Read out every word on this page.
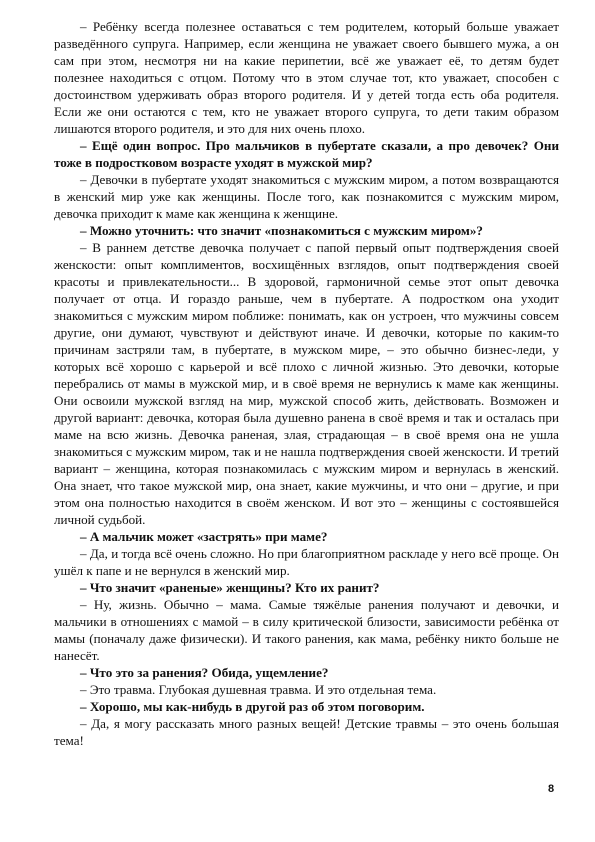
– Ребёнку всегда полезнее оставаться с тем родителем, который больше уважает разведённого супруга. Например, если женщина не уважает своего бывшего мужа, а он сам при этом, несмотря ни на какие перипетии, всё же уважает её, то детям будет полезнее находиться с отцом. Потому что в этом случае тот, кто уважает, способен с достоинством удерживать образ второго родителя. И у детей тогда есть оба родителя. Если же они остаются с тем, кто не уважает второго супруга, то дети таким образом лишаются второго родителя, и это для них очень плохо.

– Ещё один вопрос. Про мальчиков в пубертате сказали, а про девочек? Они тоже в подростковом возрасте уходят в мужской мир?

– Девочки в пубертате уходят знакомиться с мужским миром, а потом возвращаются в женский мир уже как женщины. После того, как познакомится с мужским миром, девочка приходит к маме как женщина к женщине.

– Можно уточнить: что значит «познакомиться с мужским миром»?

– В раннем детстве девочка получает с папой первый опыт подтверждения своей женскости: опыт комплиментов, восхищённых взглядов, опыт подтверждения своей красоты и привлекательности... В здоровой, гармоничной семье этот опыт девочка получает от отца. И гораздо раньше, чем в пубертате. А подростком она уходит знакомиться с мужским миром поближе: понимать, как он устроен, что мужчины совсем другие, они думают, чувствуют и действуют иначе. И девочки, которые по каким-то причинам застряли там, в пубертате, в мужском мире, – это обычно бизнес-леди, у которых всё хорошо с карьерой и всё плохо с личной жизнью. Это девочки, которые перебрались от мамы в мужской мир, и в своё время не вернулись к маме как женщины. Они освоили мужской взгляд на мир, мужской способ жить, действовать. Возможен и другой вариант: девочка, которая была душевно ранена в своё время и так и осталась при маме на всю жизнь. Девочка раненая, злая, страдающая – в своё время она не ушла знакомиться с мужским миром, так и не нашла подтверждения своей женскости. И третий вариант – женщина, которая познакомилась с мужским миром и вернулась в женский. Она знает, что такое мужской мир, она знает, какие мужчины, и что они – другие, и при этом она полностью находится в своём женском. И вот это – женщины с состоявшейся личной судьбой.

– А мальчик может «застрять» при маме?

– Да, и тогда всё очень сложно. Но при благоприятном раскладе у него всё проще. Он ушёл к папе и не вернулся в женский мир.

– Что значит «раненые» женщины? Кто их ранит?

– Ну, жизнь. Обычно – мама. Самые тяжёлые ранения получают и девочки, и мальчики в отношениях с мамой – в силу критической близости, зависимости ребёнка от мамы (поначалу даже физически). И такого ранения, как мама, ребёнку никто больше не нанесёт.

– Что это за ранения? Обида, ущемление?

– Это травма. Глубокая душевная травма. И это отдельная тема.

– Хорошо, мы как-нибудь в другой раз об этом поговорим.

– Да, я могу рассказать много разных вещей! Детские травмы – это очень большая тема!

8
